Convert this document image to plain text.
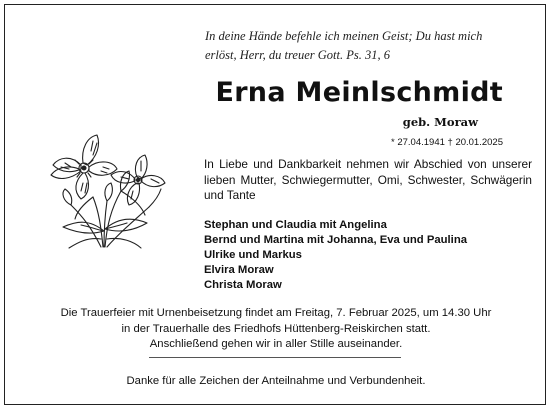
In deine Hände befehle ich meinen Geist; Du hast mich
erlöst, Herr, du treuer Gott. Ps. 31, 6
Erna Meinlschmidt
geb. Moraw
* 27.04.1941 † 20.01.2025
In Liebe und Dankbarkeit nehmen wir Abschied von unserer lieben Mutter, Schwiegermutter, Omi, Schwester, Schwägerin und Tante
Stephan und Claudia mit Angelina
Bernd und Martina mit Johanna, Eva und Paulina
Ulrike und Markus
Elvira Moraw
Christa Moraw
Die Trauerfeier mit Urnenbeisetzung findet am Freitag, 7. Februar 2025, um 14.30 Uhr
in der Trauerhalle des Friedhofs Hüttenberg-Reiskirchen statt.
Anschließend gehen wir in aller Stille auseinander.
Danke für alle Zeichen der Anteilnahme und Verbundenheit.
